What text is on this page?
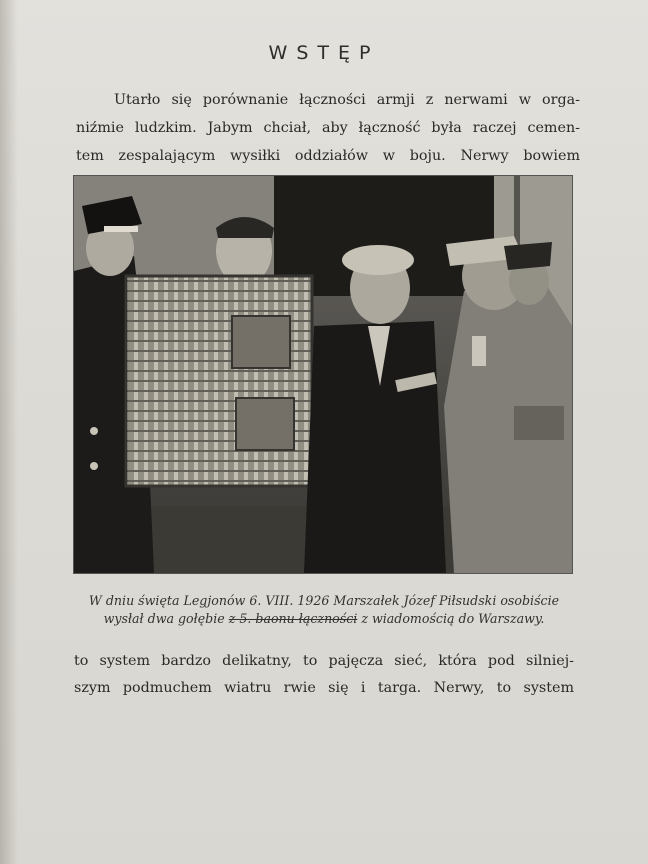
WSTĘP
Utarło się porównanie łączności armji z nerwami w orga-
niźmie ludzkim. Jabym chciał, aby łączność była raczej cemen-
tem zespalającym wysiłki oddziałów w boju. Nerwy bowiem
W dniu święta Legjonów 6. VIII. 1926 Marszałek Józef Piłsudski osobiście
wysłał dwa gołębie z 5. baonu łączności z wiadomością do Warszawy.
to system bardzo delikatny, to pajęcza sieć, która pod silniej-
szym podmuchem wiatru rwie się i targa. Nerwy, to system
